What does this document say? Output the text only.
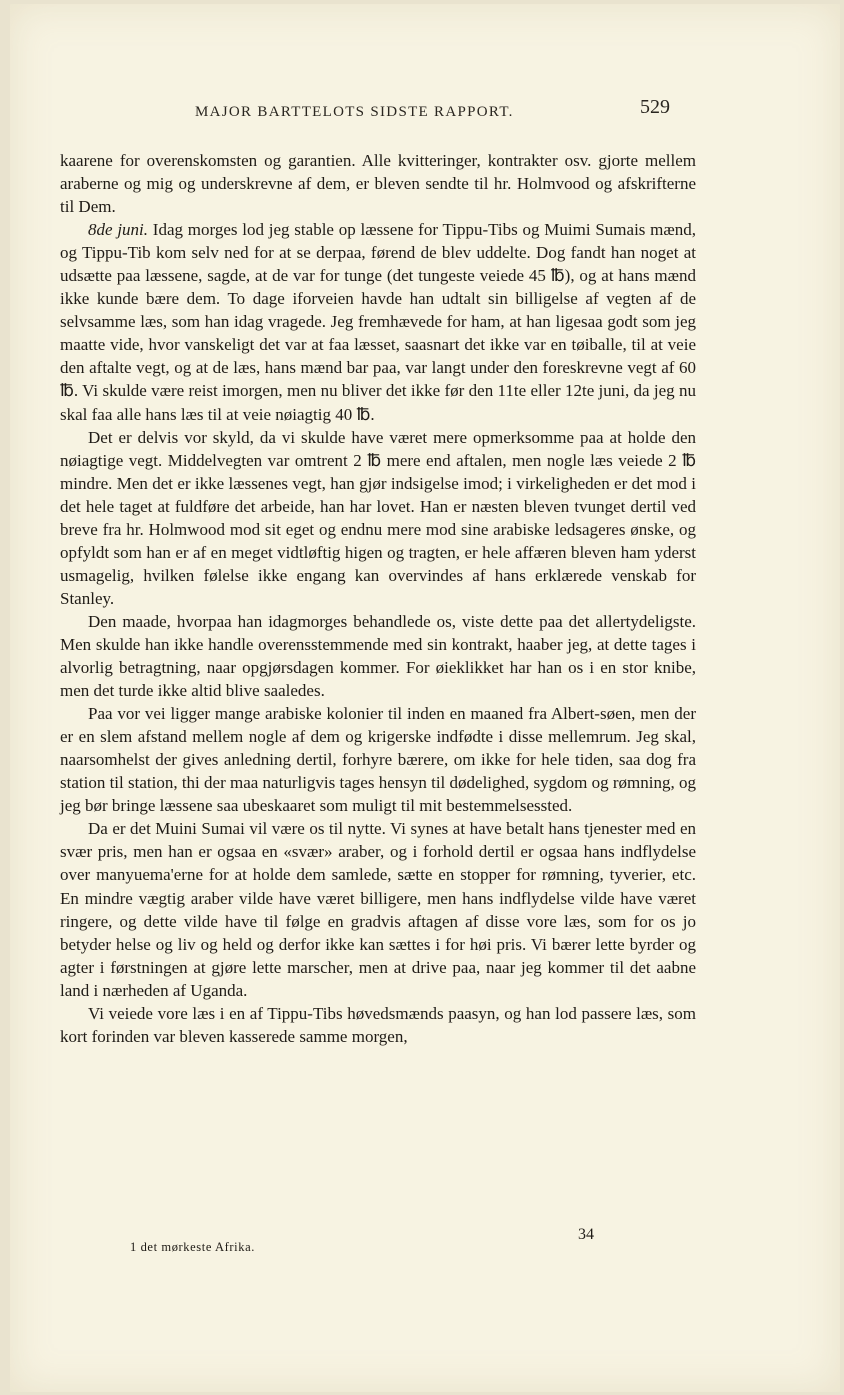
MAJOR BARTTELOTS SIDSTE RAPPORT.	529

kaarene for overenskomsten og garantien. Alle kvitteringer, kontrakter osv. gjorte mellem araberne og mig og underskrevne af dem, er bleven sendte til hr. Holmvood og afskrifterne til Dem.

8de juni. Idag morges lod jeg stable op læssene for Tippu-Tibs og Muimi Sumais mænd, og Tippu-Tib kom selv ned for at se derpaa, førend de blev uddelte. Dog fandt han noget at udsætte paa læssene, sagde, at de var for tunge (det tungeste veiede 45 ℔), og at hans mænd ikke kunde bære dem. To dage iforveien havde han udtalt sin billigelse af vegten af de selvsamme læs, som han idag vragede. Jeg fremhævede for ham, at han ligesaa godt som jeg maatte vide, hvor vanskeligt det var at faa læsset, saasnart det ikke var en tøiballe, til at veie den aftalte vegt, og at de læs, hans mænd bar paa, var langt under den foreskrevne vegt af 60 ℔. Vi skulde være reist imorgen, men nu bliver det ikke før den 11te eller 12te juni, da jeg nu skal faa alle hans læs til at veie nøiagtig 40 ℔.

Det er delvis vor skyld, da vi skulde have været mere opmerksomme paa at holde den nøiagtige vegt. Middelvegten var omtrent 2 ℔ mere end aftalen, men nogle læs veiede 2 ℔ mindre. Men det er ikke læssenes vegt, han gjør indsigelse imod; i virkeligheden er det mod i det hele taget at fuldføre det arbeide, han har lovet. Han er næsten bleven tvunget dertil ved breve fra hr. Holmwood mod sit eget og endnu mere mod sine arabiske ledsageres ønske, og opfyldt som han er af en meget vidtløftig higen og tragten, er hele affæren bleven ham yderst usmagelig, hvilken følelse ikke engang kan overvindes af hans erklærede venskab for Stanley.

Den maade, hvorpaa han idagmorges behandlede os, viste dette paa det allertydeligste. Men skulde han ikke handle overensstemmende med sin kontrakt, haaber jeg, at dette tages i alvorlig betragtning, naar opgjørsdagen kommer. For øieklikket har han os i en stor knibe, men det turde ikke altid blive saaledes.

Paa vor vei ligger mange arabiske kolonier til inden en maaned fra Albert-søen, men der er en slem afstand mellem nogle af dem og krigerske indfødte i disse mellemrum. Jeg skal, naarsomhelst der gives anledning dertil, forhyre bærere, om ikke for hele tiden, saa dog fra station til station, thi der maa naturligvis tages hensyn til dødelighed, sygdom og rømning, og jeg bør bringe læssene saa ubeskaaret som muligt til mit bestemmelsessted.

Da er det Muini Sumai vil være os til nytte. Vi synes at have betalt hans tjenester med en svær pris, men han er ogsaa en «svær» araber, og i forhold dertil er ogsaa hans indflydelse over manyuema'erne for at holde dem samlede, sætte en stopper for rømning, tyverier, etc. En mindre vægtig araber vilde have været billigere, men hans indflydelse vilde have været ringere, og dette vilde have til følge en gradvis aftagen af disse vore læs, som for os jo betyder helse og liv og held og derfor ikke kan sættes i for høi pris. Vi bærer lette byrder og agter i førstningen at gjøre lette marscher, men at drive paa, naar jeg kommer til det aabne land i nærheden af Uganda.

Vi veiede vore læs i en af Tippu-Tibs høvedsmænds paasyn, og han lod passere læs, som kort forinden var bleven kasserede samme morgen,

34
1 det mørkeste Afrika.
